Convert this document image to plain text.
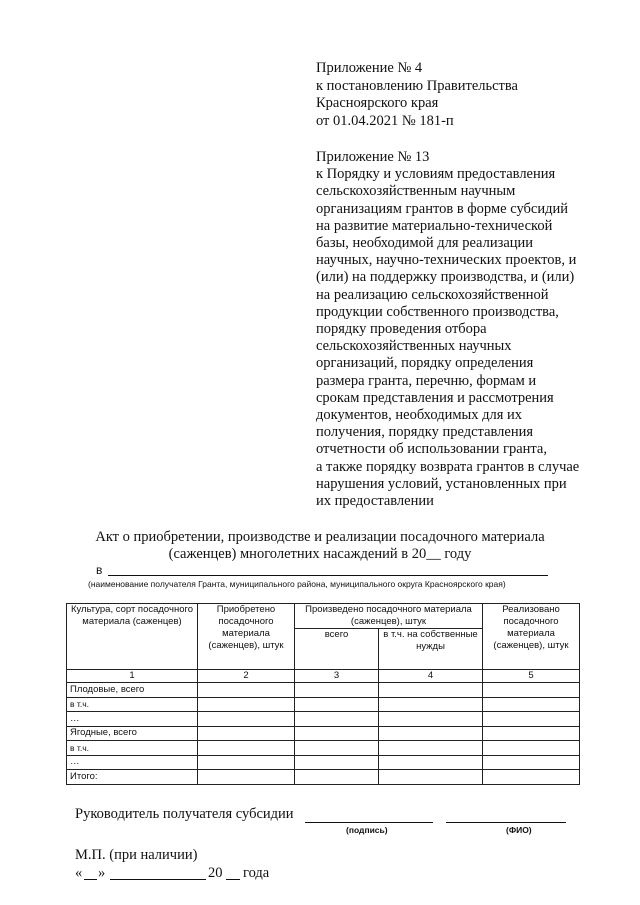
Приложение № 4
к постановлению Правительства
Красноярского края
от 01.04.2021 № 181-п
Приложение № 13
к Порядку и условиям предоставления
сельскохозяйственным научным
организациям грантов в форме субсидий
на развитие материально-технической
базы, необходимой для реализации
научных, научно-технических проектов, и
(или) на поддержку производства, и (или)
на реализацию сельскохозяйственной
продукции собственного производства,
порядку проведения отбора
сельскохозяйственных научных
организаций, порядку определения
размера гранта, перечню, формам и
срокам представления и рассмотрения
документов, необходимых для их
получения, порядку представления
отчетности об использовании гранта,
а также порядку возврата грантов в случае
нарушения условий, установленных при
их предоставлении
Акт о приобретении, производстве и реализации посадочного материала
(саженцев) многолетних насаждений в 20__ году
в
(наименование получателя Гранта, муниципального района, муниципального округа Красноярского края)
Культура, сорт посадочного материала (саженцев)	Приобретено посадочного материала (саженцев), штук	Произведено посадочного материала (саженцев), штук		Реализовано посадочного материала (саженцев), штук
		всего	в т.ч. на собственные нужды	
1	2	3	4	5
Плодовые, всего				
в т.ч.				
…				
Ягодные, всего				
в т.ч.				
…				
Итого:				
Руководитель получателя субсидии
(подпись)	(ФИО)
М.П. (при наличии)
« »	20 года
